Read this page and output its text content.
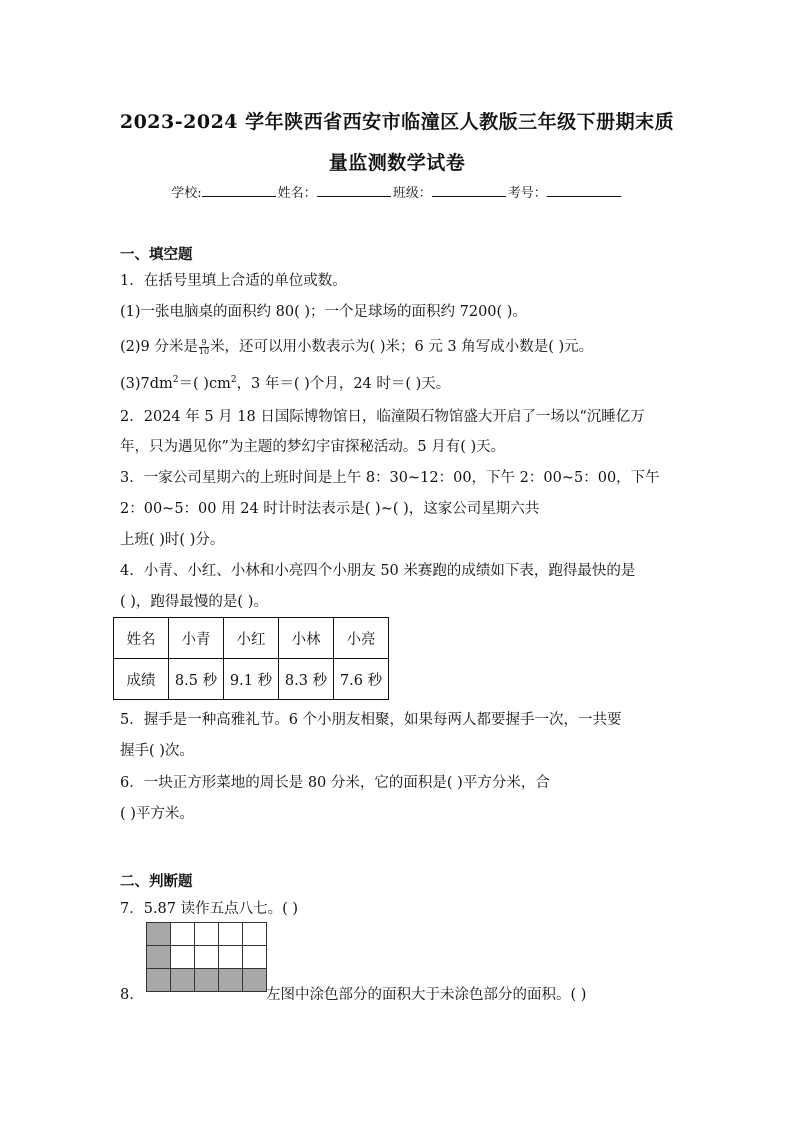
2023-2024 学年陕西省西安市临潼区人教版三年级下册期末质
量监测数学试卷
学校:	姓名：	班级：	考号：
一、填空题
1．在括号里填上合适的单位或数。
(1)一张电脑桌的面积约 80( )；一个足球场的面积约 7200( )。
(2)9 分米是 $\frac{9}{10}$ 米，还可以用小数表示为( )米；6 元 3 角写成小数是( )元。
$(3)7dm^2=$( )$cm^2$，3 年＝( )个月，24 时＝( )天。
2．2024 年 5 月 18 日国际博物馆日，临潼陨石物馆盛大开启了一场以“沉睡亿万
年，只为遇见你”为主题的梦幻宇宙探秘活动。5 月有( )天。
3．一家公司星期六的上班时间是上午 8：30~12：00，下午 2：00~5：00，下午
2：00~5：00 用 24 时计时法表示是( )~( )，这家公司星期六共
上班( )时( )分。
4．小青、小红、小林和小亮四个小朋友 50 米赛跑的成绩如下表，跑得最快的是
( )，跑得最慢的是( )。
姓名	小青	小红	小林	小亮
成绩	8.5 秒	9.1 秒	8.3 秒	7.6 秒
5．握手是一种高雅礼节。6 个小朋友相聚，如果每两人都要握手一次，一共要
握手( )次。
6．一块正方形菜地的周长是 80 分米，它的面积是( )平方分米，合
( )平方米。
二、判断题
7．5.87 读作五点八七。( )

8．	左图中涂色部分的面积大于未涂色部分的面积。( )
